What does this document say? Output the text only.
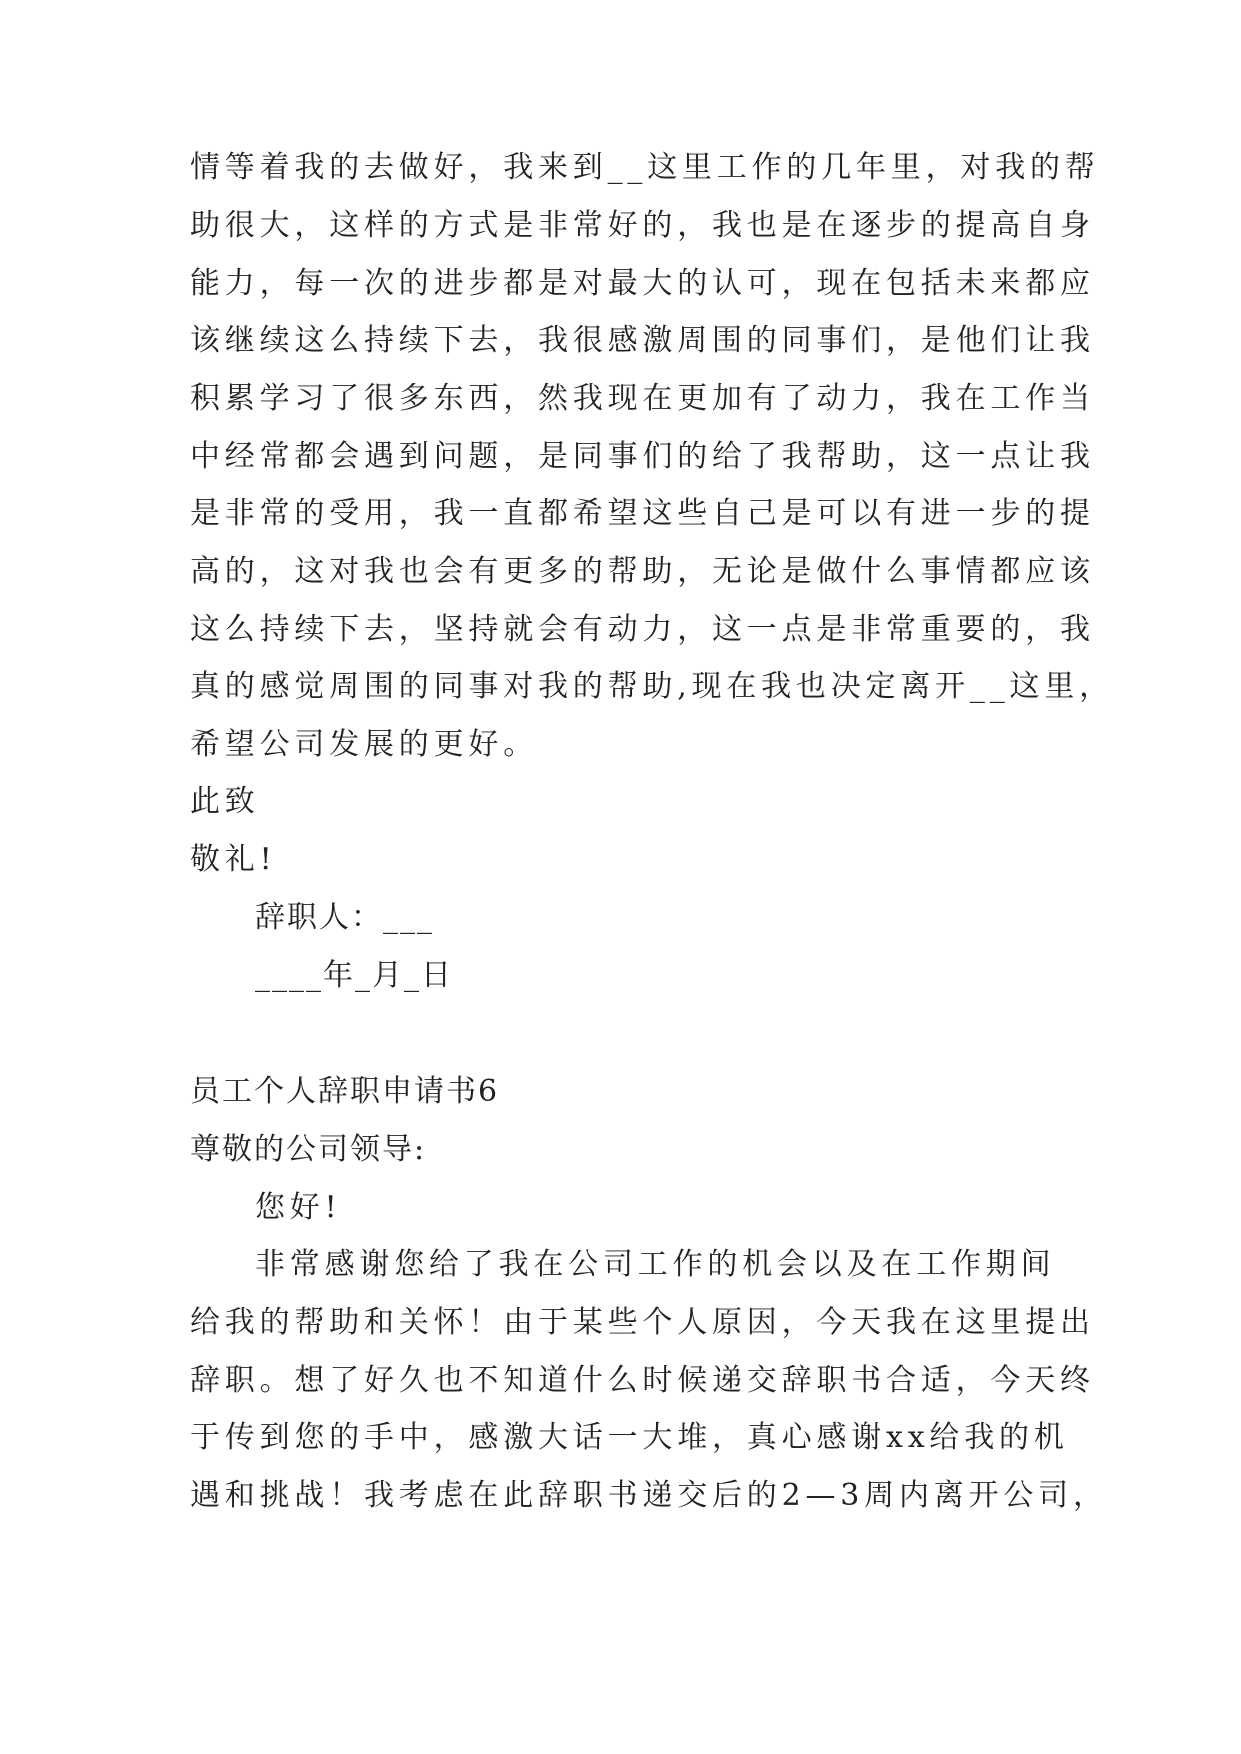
情等着我的去做好，我来到__这里工作的几年里，对我的帮
助很大，这样的方式是非常好的，我也是在逐步的提高自身
能力，每一次的进步都是对最大的认可，现在包括未来都应
该继续这么持续下去，我很感激周围的同事们，是他们让我
积累学习了很多东西，然我现在更加有了动力，我在工作当
中经常都会遇到问题，是同事们的给了我帮助，这一点让我
是非常的受用，我一直都希望这些自己是可以有进一步的提
高的，这对我也会有更多的帮助，无论是做什么事情都应该
这么持续下去，坚持就会有动力，这一点是非常重要的，我
真的感觉周围的同事对我的帮助,现在我也决定离开__这里，
希望公司发展的更好。
此致
敬礼!
辞职人：___
____年_月_日
员工个人辞职申请书6
尊敬的公司领导:
您好!
非常感谢您给了我在公司工作的机会以及在工作期间
给我的帮助和关怀！由于某些个人原因，今天我在这里提出
辞职。想了好久也不知道什么时候递交辞职书合适，今天终
于传到您的手中，感激大话一大堆，真心感谢xx给我的机
遇和挑战！我考虑在此辞职书递交后的2—3周内离开公司，
